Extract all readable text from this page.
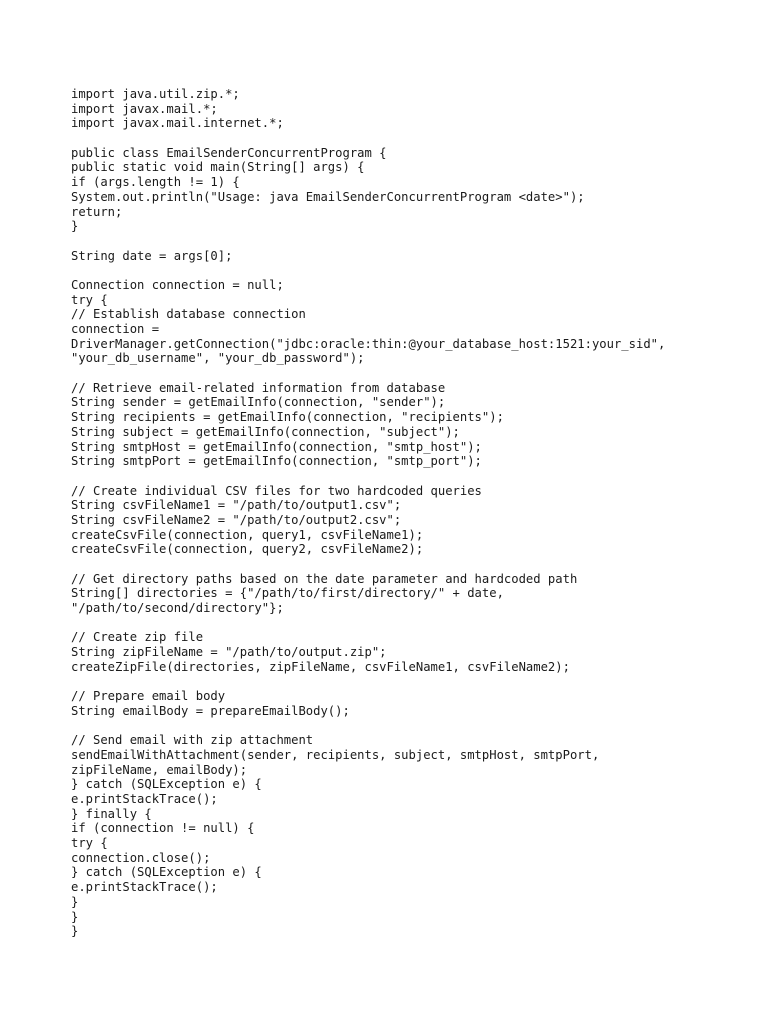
import java.util.zip.*;
import javax.mail.*;
import javax.mail.internet.*;
public class EmailSenderConcurrentProgram {
public static void main(String[] args) {
if (args.length != 1) {
System.out.println("Usage: java EmailSenderConcurrentProgram <date>");
return;
}
String date = args[0];
Connection connection = null;
try {
// Establish database connection
connection =
DriverManager.getConnection("jdbc:oracle:thin:@your_database_host:1521:your_sid",
"your_db_username", "your_db_password");
// Retrieve email-related information from database
String sender = getEmailInfo(connection, "sender");
String recipients = getEmailInfo(connection, "recipients");
String subject = getEmailInfo(connection, "subject");
String smtpHost = getEmailInfo(connection, "smtp_host");
String smtpPort = getEmailInfo(connection, "smtp_port");
// Create individual CSV files for two hardcoded queries
String csvFileName1 = "/path/to/output1.csv";
String csvFileName2 = "/path/to/output2.csv";
createCsvFile(connection, query1, csvFileName1);
createCsvFile(connection, query2, csvFileName2);
// Get directory paths based on the date parameter and hardcoded path
String[] directories = {"/path/to/first/directory/" + date,
"/path/to/second/directory"};
// Create zip file
String zipFileName = "/path/to/output.zip";
createZipFile(directories, zipFileName, csvFileName1, csvFileName2);
// Prepare email body
String emailBody = prepareEmailBody();
// Send email with zip attachment
sendEmailWithAttachment(sender, recipients, subject, smtpHost, smtpPort,
zipFileName, emailBody);
} catch (SQLException e) {
e.printStackTrace();
} finally {
if (connection != null) {
try {
connection.close();
} catch (SQLException e) {
e.printStackTrace();
}
}
}
